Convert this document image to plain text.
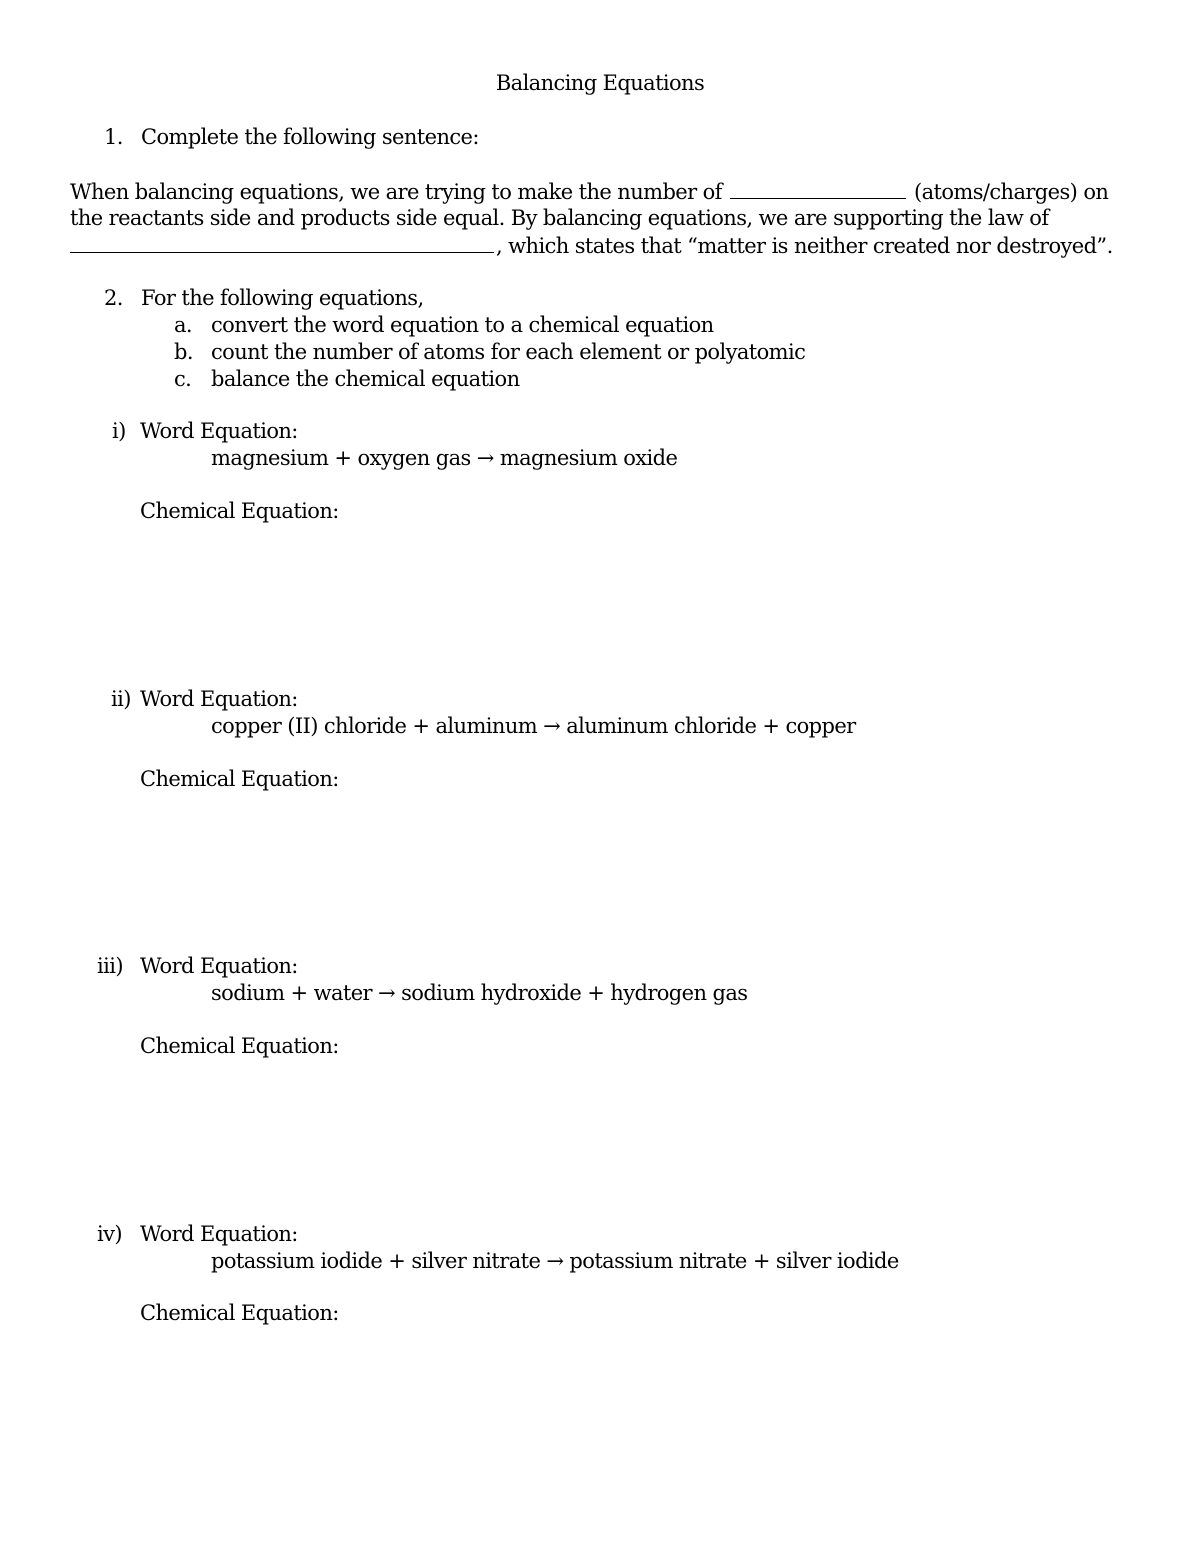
Balancing Equations
1. Complete the following sentence:
When balancing equations, we are trying to make the number of	(atoms/charges) on
the reactants side and products side equal. By balancing equations, we are supporting the law of
, which states that “matter is neither created nor destroyed”.
2. For the following equations,
a. convert the word equation to a chemical equation
b. count the number of atoms for each element or polyatomic
c. balance the chemical equation
i) Word Equation:
magnesium + oxygen gas → magnesium oxide
Chemical Equation:
ii) Word Equation:
copper (II) chloride + aluminum → aluminum chloride + copper
Chemical Equation:
iii) Word Equation:
sodium + water → sodium hydroxide + hydrogen gas
Chemical Equation:
iv) Word Equation:
potassium iodide + silver nitrate → potassium nitrate + silver iodide
Chemical Equation:
